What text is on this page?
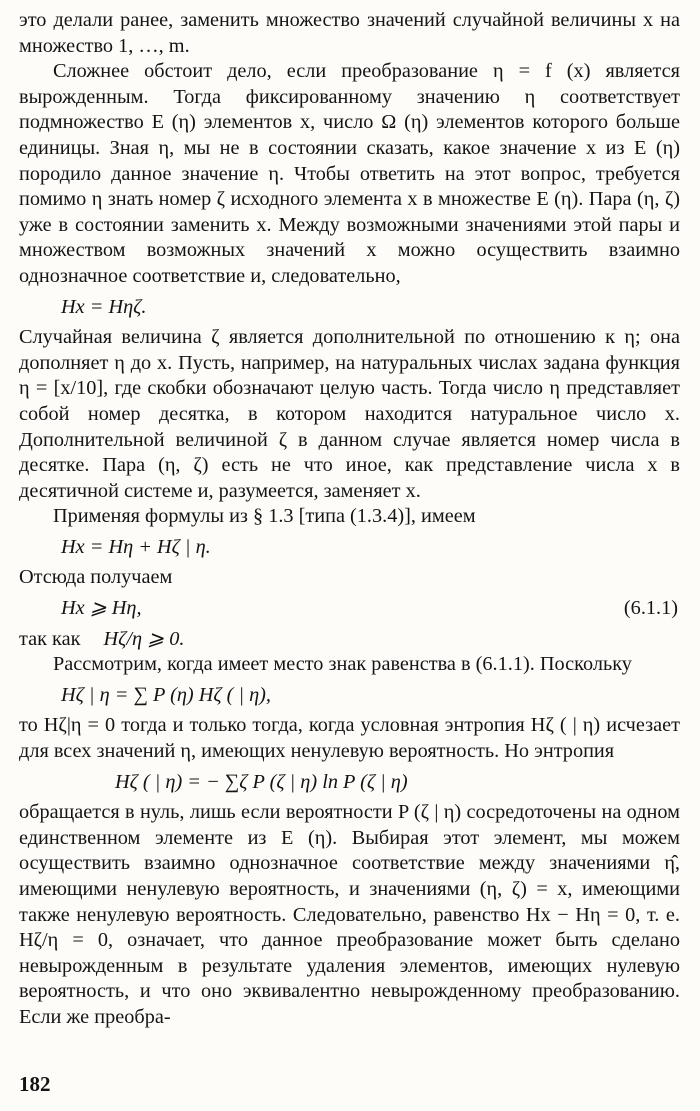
это делали ранее, заменить множество значений случайной величины x на множество 1, …, m.

Сложнее обстоит дело, если преобразование η = f (x) является вырожденным. Тогда фиксированному значению η соответствует подмножество E (η) элементов x, число Ω (η) элементов которого больше единицы. Зная η, мы не в состоянии сказать, какое значение x из E (η) породило данное значение η. Чтобы ответить на этот вопрос, требуется помимо η знать номер ζ исходного элемента x в множестве E (η). Пара (η, ζ) уже в состоянии заменить x. Между возможными значениями этой пары и множеством возможных значений x можно осуществить взаимно однозначное соответствие и, следовательно,

Hx = Hηζ.

Случайная величина ζ является дополнительной по отношению к η; она дополняет η до x. Пусть, например, на натуральных числах задана функция η = [x/10], где скобки обозначают целую часть. Тогда число η представляет собой номер десятка, в котором находится натуральное число x. Дополнительной величиной ζ в данном случае является номер числа в десятке. Пара (η, ζ) есть не что иное, как представление числа x в десятичной системе и, разумеется, заменяет x.

Применяя формулы из § 1.3 [типа (1.3.4)], имеем

Hx = Hη + Hζ | η.

Отсюда получаем

Hx ⩾ Hη,	(6.1.1)

так как Hζ/η ⩾ 0.

Рассмотрим, когда имеет место знак равенства в (6.1.1). Поскольку

Hζ | η = ∑ P (η) Hζ ( | η),

то Hζ|η = 0 тогда и только тогда, когда условная энтропия Hζ ( | η) исчезает для всех значений η, имеющих ненулевую вероятность. Но энтропия

Hζ ( | η) = − ∑ζ P (ζ | η) ln P (ζ | η)

обращается в нуль, лишь если вероятности P (ζ | η) сосредоточены на одном единственном элементе из E (η). Выбирая этот элемент, мы можем осуществить взаимно однозначное соответствие между значениями η̂, имеющими ненулевую вероятность, и значениями (η, ζ) = x, имеющими также ненулевую вероятность. Следовательно, равенство Hx − Hη = 0, т. е. Hζ/η = 0, означает, что данное преобразование может быть сделано невырожденным в результате удаления элементов, имеющих нулевую вероятность, и что оно эквивалентно невырожденному преобразованию. Если же преобра-

182
